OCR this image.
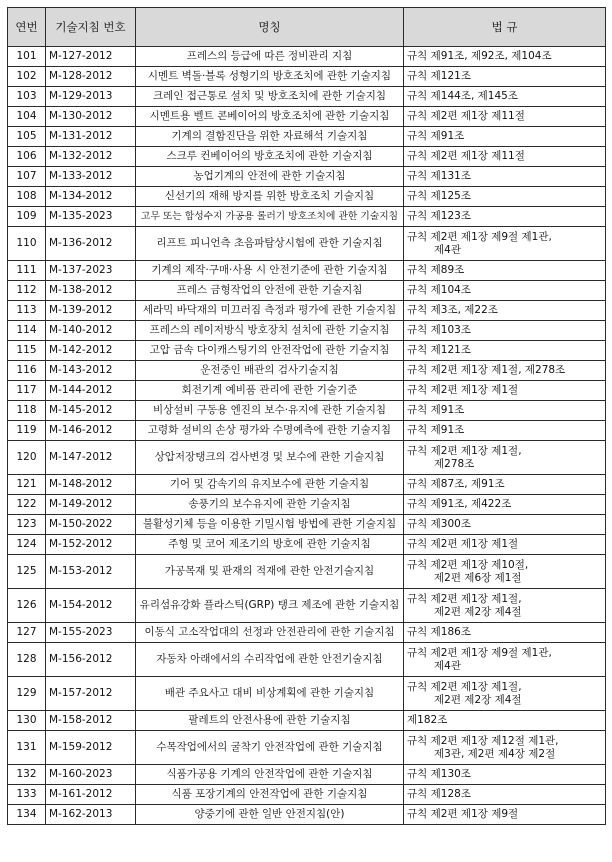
연번	기술지침 번호	명칭	법 규
101	M-127-2012	프레스의 등급에 따른 정비관리 지침	규칙 제91조, 제92조, 제104조

102	M-128-2012	시멘트 벽돌·블록 성형기의 방호조치에 관한 기술지침	규칙 제121조

103	M-129-2013	크레인 접근통로 설치 및 방호조치에 관한 기술지침	규칙 제144조, 제145조

104	M-130-2012	시멘트용 벨트 콘베이어의 방호조치에 관한 기술지침	규칙 제2편 제1장 제11절

105	M-131-2012	기계의 결함진단을 위한 자료해석 기술지침	규칙 제91조

106	M-132-2012	스크루 컨베이어의 방호조치에 관한 기술지침	규칙 제2편 제1장 제11절

107	M-133-2012	농업기계의 안전에 관한 기술지침	규칙 제131조

108	M-134-2012	신선기의 재해 방지를 위한 방호조치 기술지침	규칙 제125조

109	M-135-2023	고무 또는 합성수지 가공용 롤러기 방호조치에 관한 기술지침	규칙 제123조

110	M-136-2012	리프트 피니언측 초음파탐상시험에 관한 기술지침	규칙 제2편 제1장 제9절 제1관,
제4관

111	M-137-2023	기계의 제작·구매·사용 시 안전기준에 관한 기술지침	규칙 제89조

112	M-138-2012	프레스 금형작업의 안전에 관한 기술지침	규칙 제104조

113	M-139-2012	세라믹 바닥재의 미끄러짐 측정과 평가에 관한 기술지침	규칙 제3조, 제22조

114	M-140-2012	프레스의 레이저방식 방호장치 설치에 관한 기술지침	규칙 제103조

115	M-142-2012	고압 금속 다이캐스팅기의 안전작업에 관한 기술지침	규칙 제121조

116	M-143-2012	운전중인 배관의 검사기술지침	규칙 제2편 제1장 제1절, 제278조

117	M-144-2012	회전기계 예비품 관리에 관한 기술기준	규칙 제2편 제1장 제1절

118	M-145-2012	비상설비 구동용 엔진의 보수·유지에 관한 기술지침	규칙 제91조

119	M-146-2012	고령화 설비의 손상 평가와 수명예측에 관한 기술지침	규칙 제91조

120	M-147-2012	상압저장탱크의 검사변경 및 보수에 관한 기술지침	규칙 제2편 제1장 제1절,
제278조

121	M-148-2012	기어 및 감속기의 유지보수에 관한 기술지침	규칙 제87조, 제91조

122	M-149-2012	송풍기의 보수유지에 관한 기술지침	규칙 제91조, 제422조

123	M-150-2022	불활성기체 등을 이용한 기밀시험 방법에 관한 기술지침	규칙 제300조

124	M-152-2012	주형 및 코어 제조기의 방호에 관한 기술지침	규칙 제2편 제1장 제1절

125	M-153-2012	가공목재 및 판재의 적재에 관한 안전기술지침	규칙 제2편 제1장 제10절,
제2편 제6장 제1절

126	M-154-2012	유리섬유강화 플라스틱(GRP) 탱크 제조에 관한 기술지침	규칙 제2편 제1장 제1절,
제2편 제2장 제4절

127	M-155-2023	이동식 고소작업대의 선정과 안전관리에 관한 기술지침	규칙 제186조

128	M-156-2012	자동차 아래에서의 수리작업에 관한 안전기술지침	규칙 제2편 제1장 제9절 제1관,
제4관

129	M-157-2012	배관 주요사고 대비 비상계획에 관한 기술지침	규칙 제2편 제1장 제1절,
제2편 제2장 제4절

130	M-158-2012	팔레트의 안전사용에 관한 기술지침	제182조

131	M-159-2012	수목작업에서의 굴착기 안전작업에 관한 기술지침	규칙 제2편 제1장 제12절 제1관,
제3관, 제2편 제4장 제2절

132	M-160-2023	식품가공용 기계의 안전작업에 관한 기술지침	규칙 제130조

133	M-161-2012	식품 포장기계의 안전작업에 관한 기술지침	규칙 제128조

134	M-162-2013	양중기에 관한 일반 안전지침(안)	규칙 제2편 제1장 제9절
